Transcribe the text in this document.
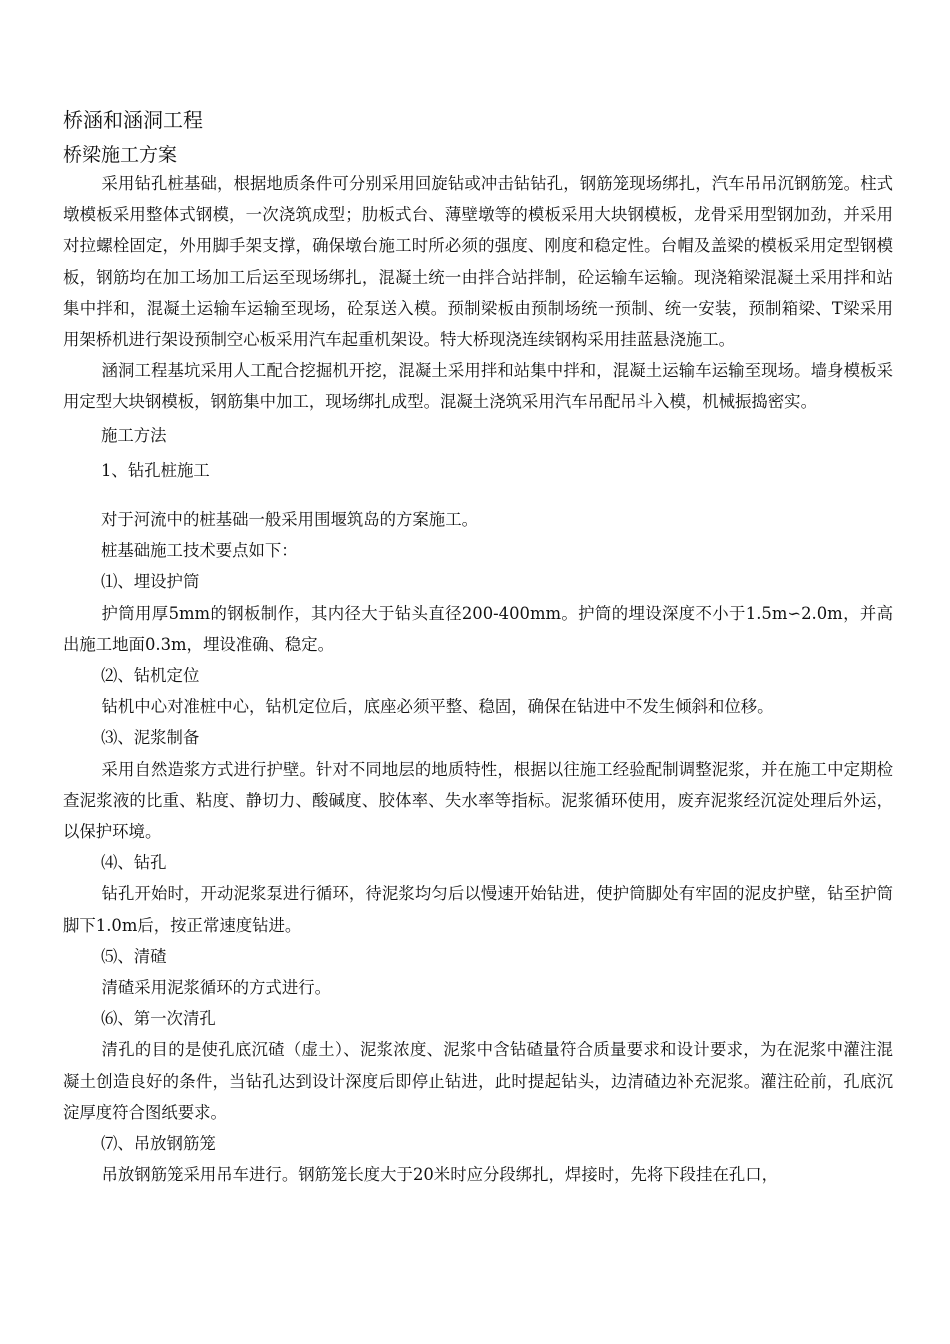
桥涵和涵洞工程
桥梁施工方案

采用钻孔桩基础，根据地质条件可分别采用回旋钻或冲击钻钻孔，钢筋笼现场绑扎，汽车吊吊沉钢筋笼。柱式墩模板采用整体式钢模，一次浇筑成型；肋板式台、薄壁墩等的模板采用大块钢模板，龙骨采用型钢加劲，并采用对拉螺栓固定，外用脚手架支撑，确保墩台施工时所必须的强度、刚度和稳定性。台帽及盖梁的模板采用定型钢模板，钢筋均在加工场加工后运至现场绑扎，混凝土统一由拌合站拌制，砼运输车运输。现浇箱梁混凝土采用拌和站集中拌和，混凝土运输车运输至现场，砼泵送入模。预制梁板由预制场统一预制、统一安装，预制箱梁、T梁采用用架桥机进行架设预制空心板采用汽车起重机架设。特大桥现浇连续钢构采用挂蓝悬浇施工。

涵洞工程基坑采用人工配合挖掘机开挖，混凝土采用拌和站集中拌和，混凝土运输车运输至现场。墙身模板采用定型大块钢模板，钢筋集中加工，现场绑扎成型。混凝土浇筑采用汽车吊配吊斗入模，机械振捣密实。

施工方法

1、钻孔桩施工

对于河流中的桩基础一般采用围堰筑岛的方案施工。

桩基础施工技术要点如下：

⑴、埋设护筒

护筒用厚5mm的钢板制作，其内径大于钻头直径200-400mm。护筒的埋设深度不小于1.5m∽2.0m，并高出施工地面0.3m，埋设准确、稳定。

⑵、钻机定位

钻机中心对准桩中心，钻机定位后，底座必须平整、稳固，确保在钻进中不发生倾斜和位移。

⑶、泥浆制备

采用自然造浆方式进行护壁。针对不同地层的地质特性，根据以往施工经验配制调整泥浆，并在施工中定期检查泥浆液的比重、粘度、静切力、酸碱度、胶体率、失水率等指标。泥浆循环使用，废弃泥浆经沉淀处理后外运，以保护环境。

⑷、钻孔

钻孔开始时，开动泥浆泵进行循环，待泥浆均匀后以慢速开始钻进，使护筒脚处有牢固的泥皮护壁，钻至护筒脚下1.0m后，按正常速度钻进。

⑸、清碴

清碴采用泥浆循环的方式进行。

⑹、第一次清孔

清孔的目的是使孔底沉碴（虚土）、泥浆浓度、泥浆中含钻碴量符合质量要求和设计要求，为在泥浆中灌注混凝土创造良好的条件，当钻孔达到设计深度后即停止钻进，此时提起钻头，边清碴边补充泥浆。灌注砼前，孔底沉淀厚度符合图纸要求。

⑺、吊放钢筋笼

吊放钢筋笼采用吊车进行。钢筋笼长度大于20米时应分段绑扎，焊接时，先将下段挂在孔口，
